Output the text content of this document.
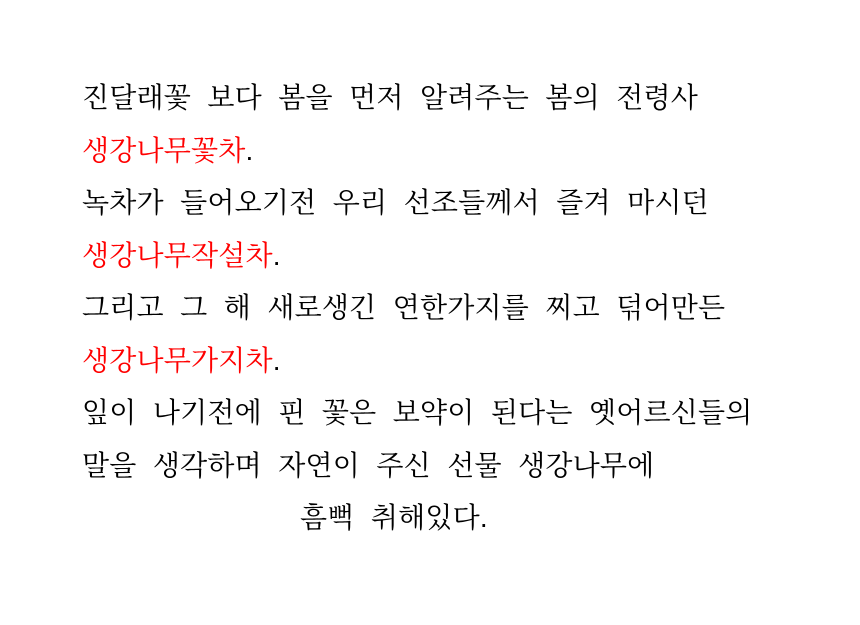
진달래꽃 보다 봄을 먼저 알려주는 봄의 전령사

생강나무꽃차.

녹차가 들어오기전 우리 선조들께서 즐겨 마시던

생강나무작설차.

그리고 그 해 새로생긴 연한가지를 찌고 덖어만든

생강나무가지차.

잎이 나기전에 핀 꽃은 보약이 된다는 옛어르신들의

말을 생각하며 자연이 주신 선물 생강나무에

흠뻑 취해있다.
